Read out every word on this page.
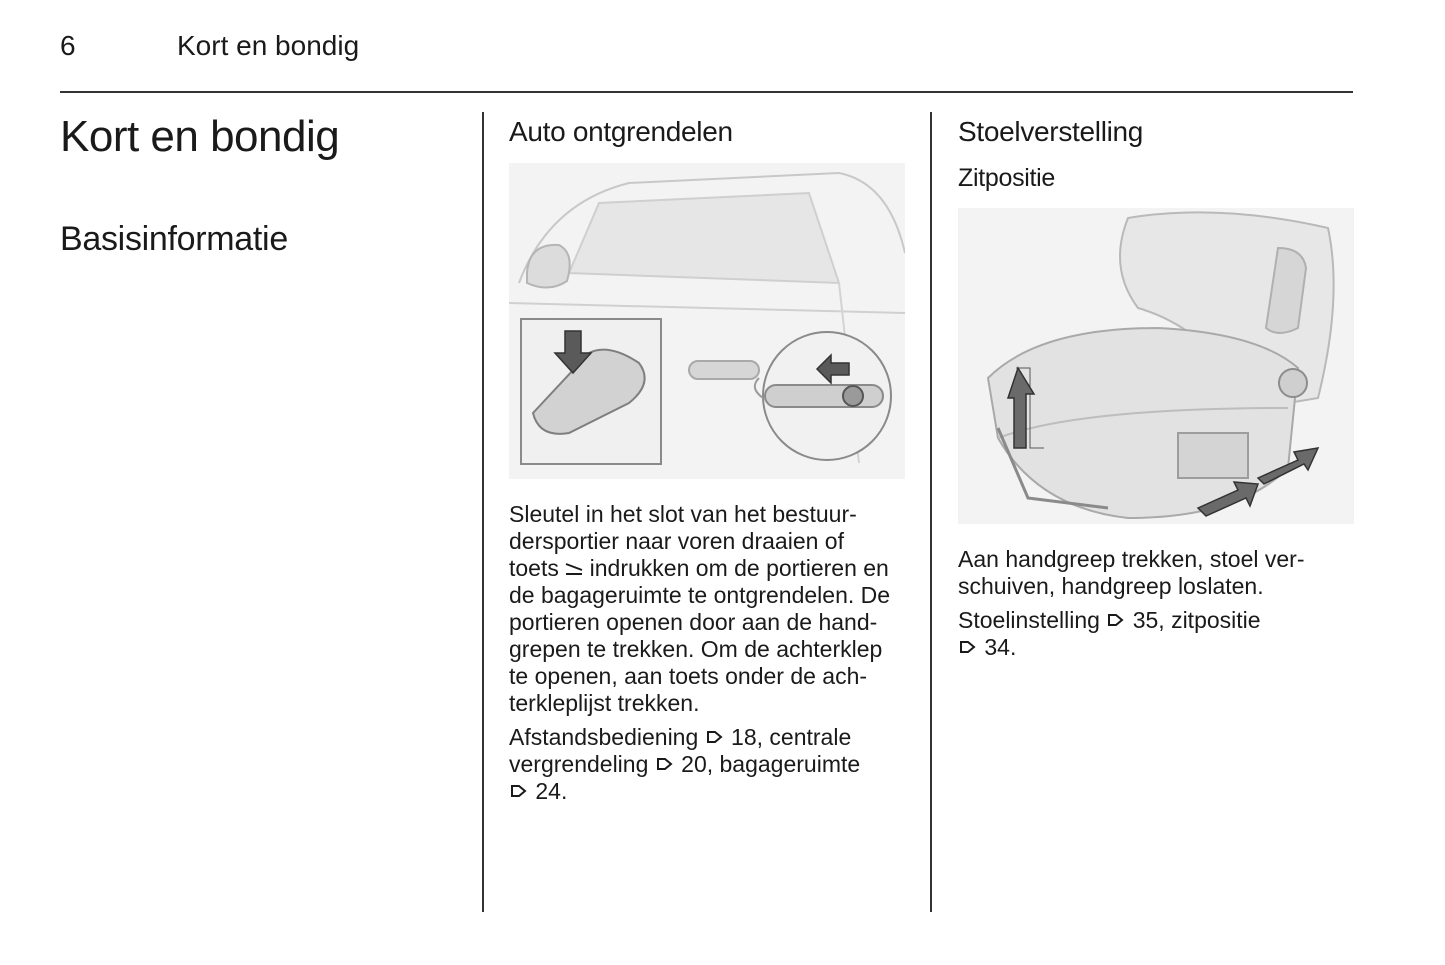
6	Kort en bondig
Kort en bondig
Basisinformatie
Auto ontgrendelen
Sleutel in het slot van het bestuur-
dersportier naar voren draaien of
toets indrukken om de portieren en
de bagageruimte te ontgrendelen. De
portieren openen door aan de hand-
grepen te trekken. Om de achterklep
te openen, aan toets onder de ach-
terkleplijst trekken.
Afstandsbediening 18, centrale
vergrendeling 20, bagageruimte
24.
Stoelverstelling
Zitpositie
Aan handgreep trekken, stoel ver-
schuiven, handgreep loslaten.
Stoelinstelling 35, zitpositie
34.
